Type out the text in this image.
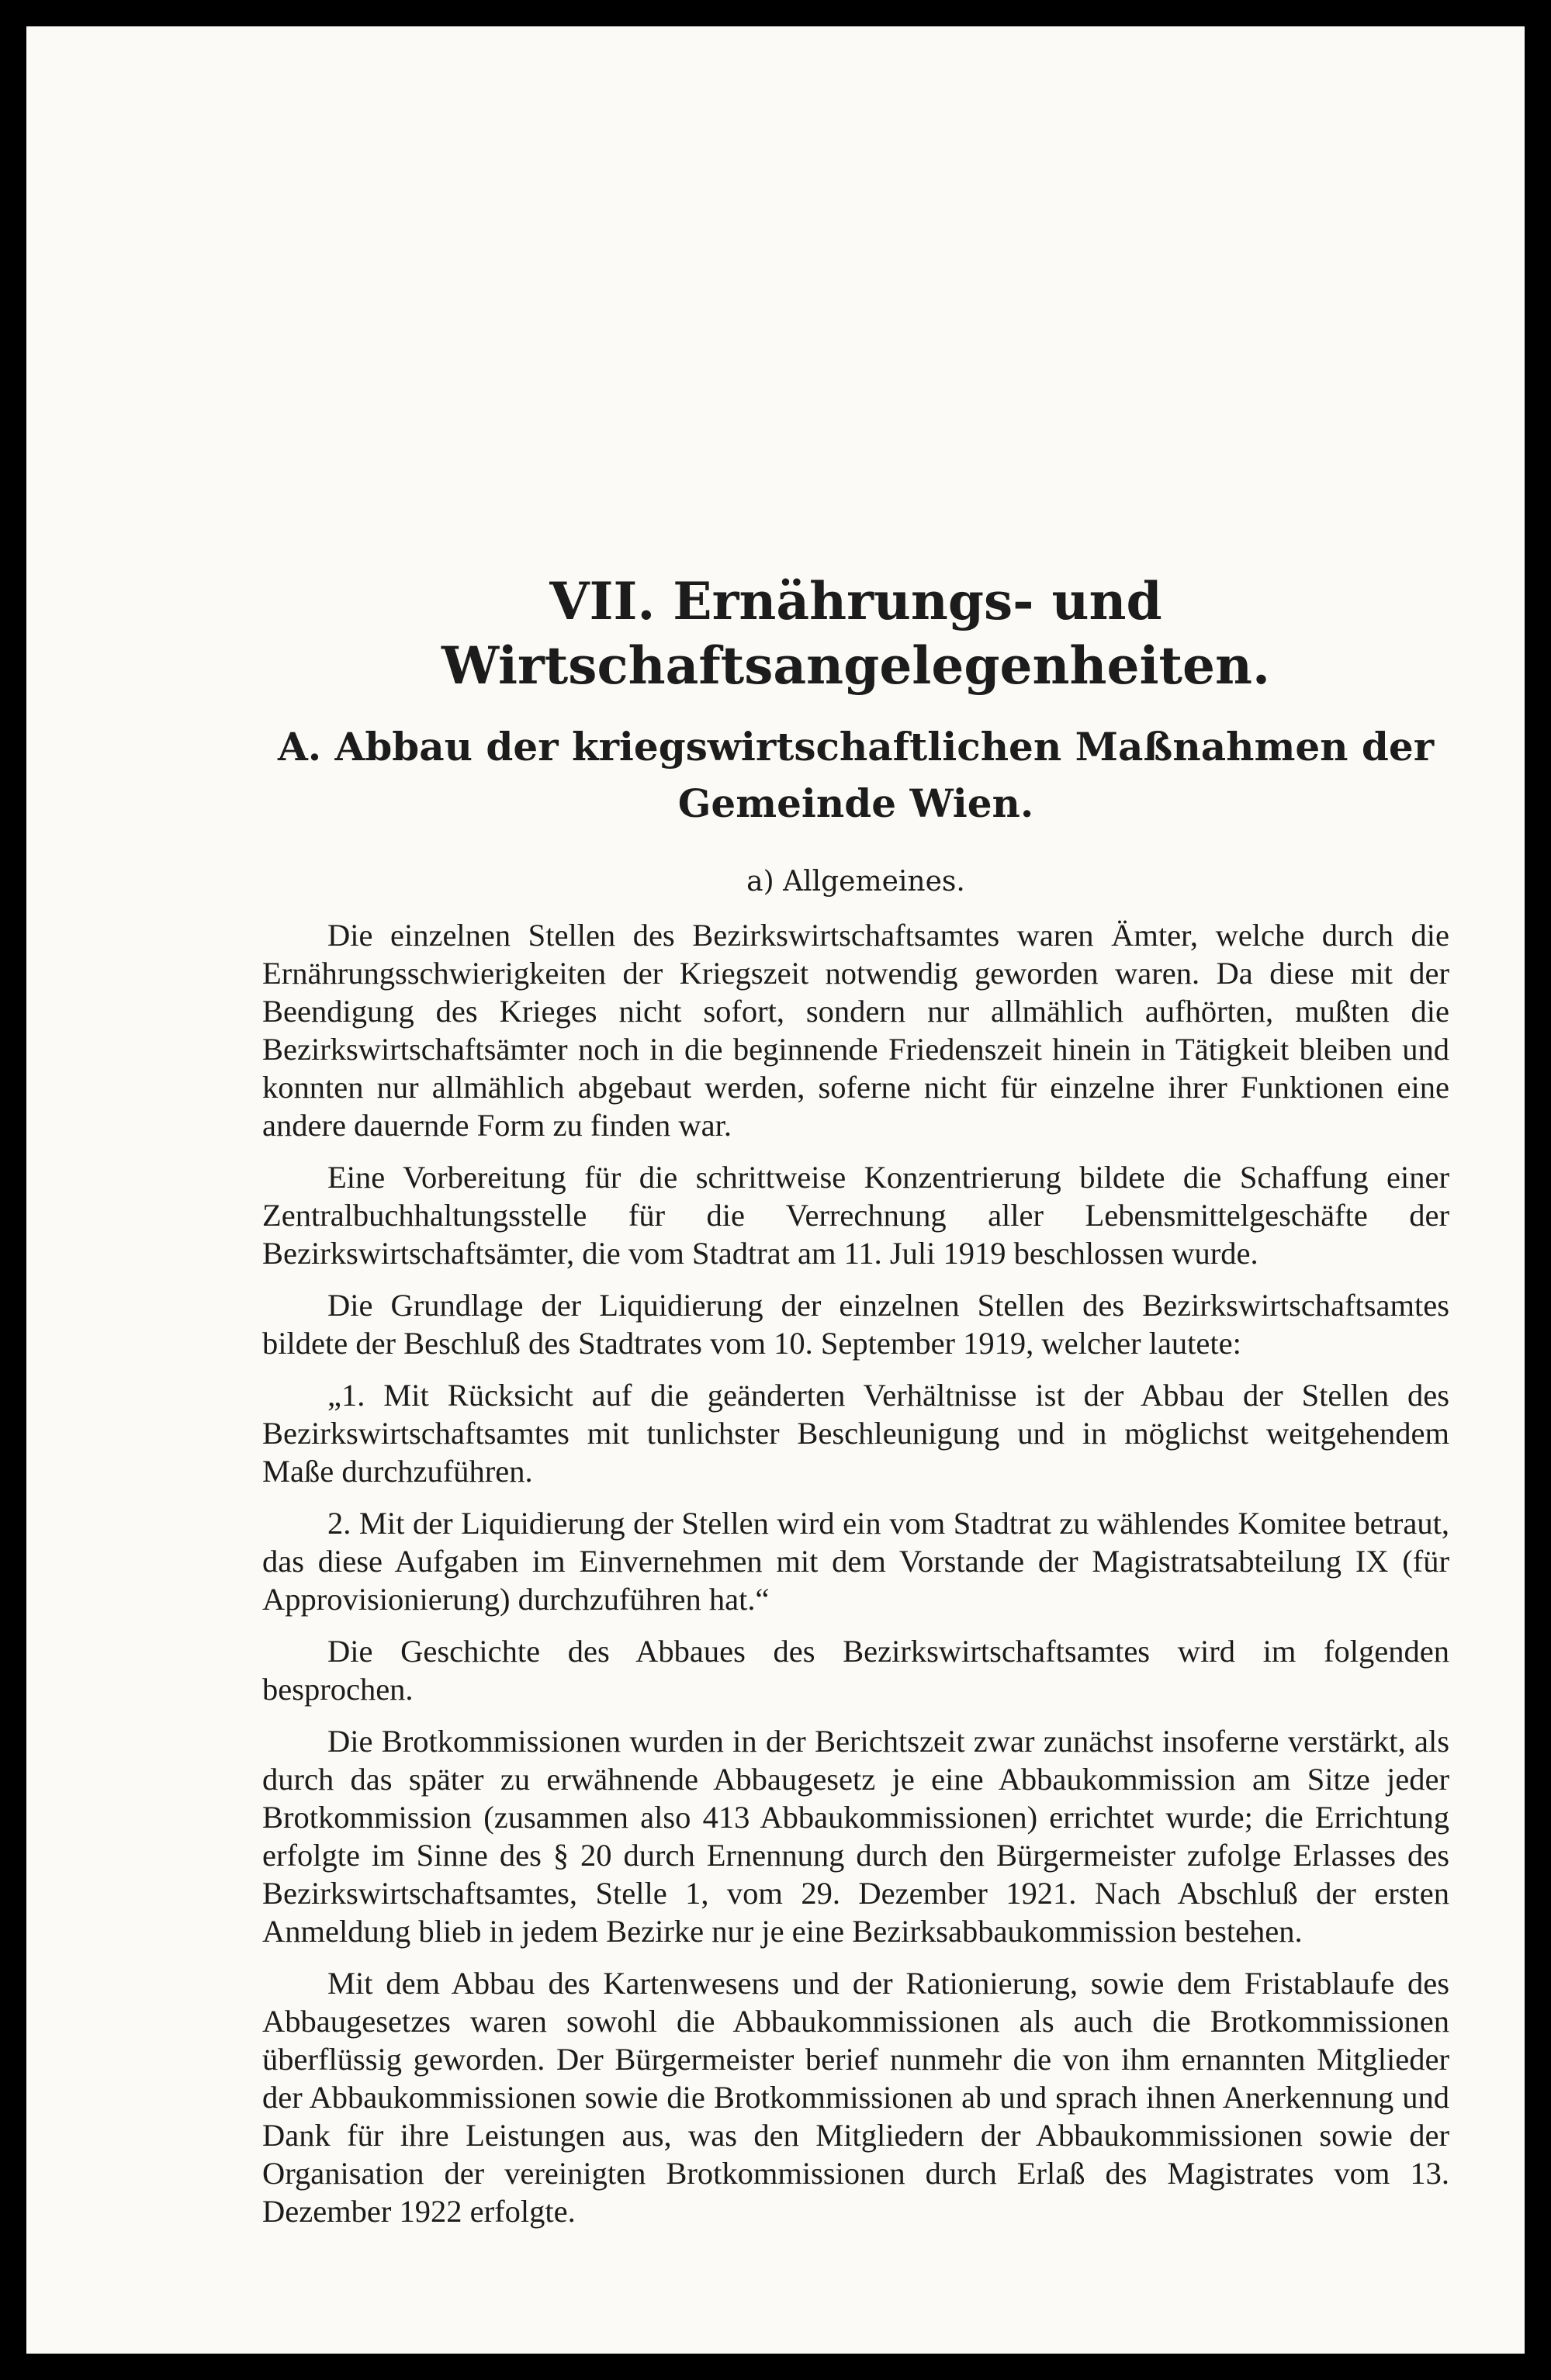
VII. Ernährungs- und Wirtschaftsangelegenheiten.
A. Abbau der kriegswirtschaftlichen Maßnahmen der Gemeinde Wien.
a) Allgemeines.

Die einzelnen Stellen des Bezirkswirtschaftsamtes waren Ämter, welche durch die Ernährungsschwierigkeiten der Kriegszeit notwendig geworden waren. Da diese mit der Beendigung des Krieges nicht sofort, sondern nur allmählich aufhörten, mußten die Bezirkswirtschaftsämter noch in die beginnende Friedenszeit hinein in Tätigkeit bleiben und konnten nur allmählich abgebaut werden, soferne nicht für einzelne ihrer Funktionen eine andere dauernde Form zu finden war.

Eine Vorbereitung für die schrittweise Konzentrierung bildete die Schaffung einer Zentralbuchhaltungsstelle für die Verrechnung aller Lebensmittelgeschäfte der Bezirkswirtschaftsämter, die vom Stadtrat am 11. Juli 1919 beschlossen wurde.

Die Grundlage der Liquidierung der einzelnen Stellen des Bezirkswirtschaftsamtes bildete der Beschluß des Stadtrates vom 10. September 1919, welcher lautete:

„1. Mit Rücksicht auf die geänderten Verhältnisse ist der Abbau der Stellen des Bezirkswirtschaftsamtes mit tunlichster Beschleunigung und in möglichst weitgehendem Maße durchzuführen.

2. Mit der Liquidierung der Stellen wird ein vom Stadtrat zu wählendes Komitee betraut, das diese Aufgaben im Einvernehmen mit dem Vorstande der Magistratsabteilung IX (für Approvisionierung) durchzuführen hat.“

Die Geschichte des Abbaues des Bezirkswirtschaftsamtes wird im folgenden besprochen.

Die Brotkommissionen wurden in der Berichtszeit zwar zunächst insoferne verstärkt, als durch das später zu erwähnende Abbaugesetz je eine Abbaukommission am Sitze jeder Brotkommission (zusammen also 413 Abbaukommissionen) errichtet wurde; die Errichtung erfolgte im Sinne des § 20 durch Ernennung durch den Bürgermeister zufolge Erlasses des Bezirkswirtschaftsamtes, Stelle 1, vom 29. Dezember 1921. Nach Abschluß der ersten Anmeldung blieb in jedem Bezirke nur je eine Bezirksabbaukommission bestehen.

Mit dem Abbau des Kartenwesens und der Rationierung, sowie dem Fristablaufe des Abbaugesetzes waren sowohl die Abbaukommissionen als auch die Brotkommissionen überflüssig geworden. Der Bürgermeister berief nunmehr die von ihm ernannten Mitglieder der Abbaukommissionen sowie die Brotkommissionen ab und sprach ihnen Anerkennung und Dank für ihre Leistungen aus, was den Mitgliedern der Abbaukommissionen sowie der Organisation der vereinigten Brotkommissionen durch Erlaß des Magistrates vom 13. Dezember 1922 erfolgte.
